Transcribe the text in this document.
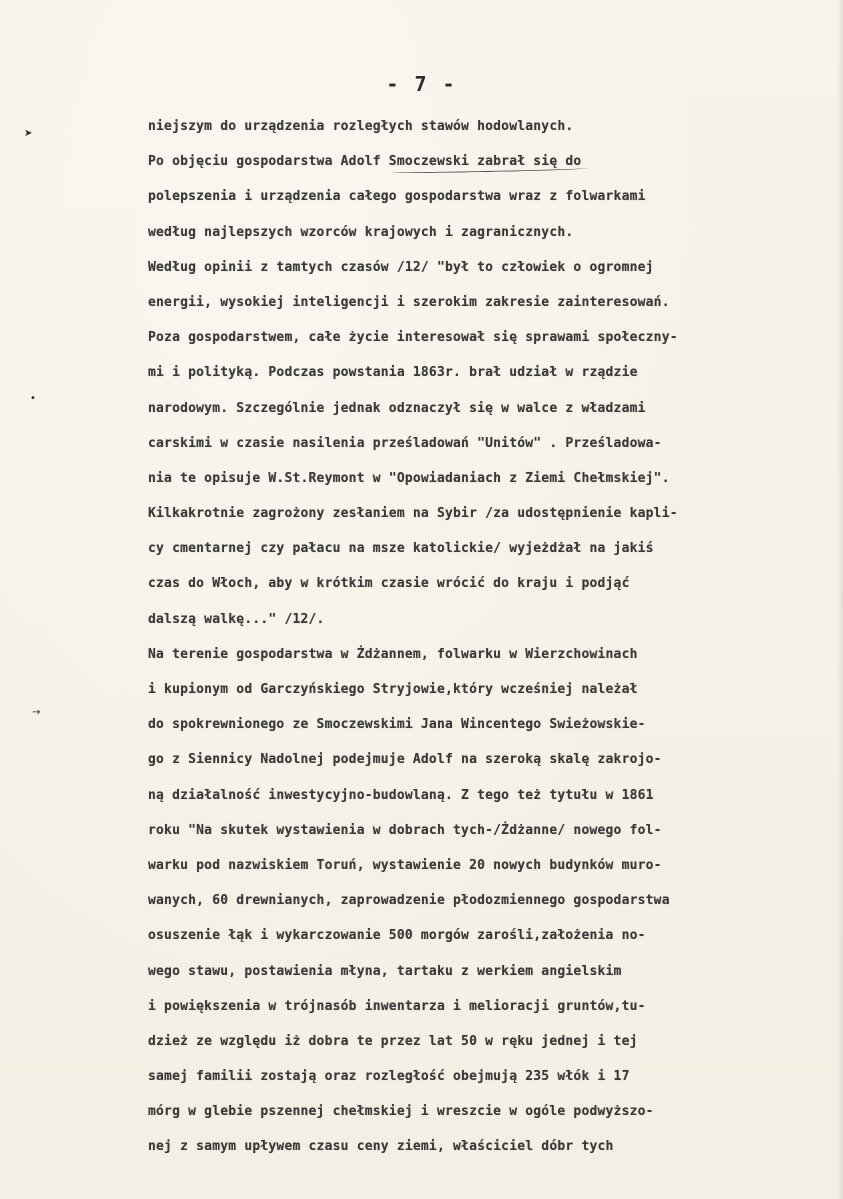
- 7 -
➤
•
→
niejszym do urządzenia rozległych stawów hodowlanych.
Po objęciu gospodarstwa Adolf Smoczewski zabrał się do
polepszenia i urządzenia całego gospodarstwa wraz z folwarkami
według najlepszych wzorców krajowych i zagranicznych.
Według opinii z tamtych czasów /12/ "był to człowiek o ogromnej
energii, wysokiej inteligencji i szerokim zakresie zainteresowań.
Poza gospodarstwem, całe życie interesował się sprawami społeczny-
mi i polityką. Podczas powstania 1863r. brał udział w rządzie
narodowym. Szczególnie jednak odznaczył się w walce z władzami
carskimi w czasie nasilenia prześladowań "Unitów" . Prześladowa-
nia te opisuje W.St.Reymont w "Opowiadaniach z Ziemi Chełmskiej".
Kilkakrotnie zagrożony zesłaniem na Sybir /za udostępnienie kapli-
cy cmentarnej czy pałacu na msze katolickie/ wyjeżdżał na jakiś
czas do Włoch, aby w krótkim czasie wrócić do kraju i podjąć
dalszą walkę..." /12/.
Na terenie gospodarstwa w Żdżannem, folwarku w Wierzchowinach
i kupionym od Garczyńskiego Stryjowie,który wcześniej należał
do spokrewnionego ze Smoczewskimi Jana Wincentego Swieżowskie-
go z Siennicy Nadolnej podejmuje Adolf na szeroką skalę zakrojo-
ną działalność inwestycyjno-budowlaną. Z tego też tytułu w 1861
roku "Na skutek wystawienia w dobrach tych-/Żdżanne/ nowego fol-
warku pod nazwiskiem Toruń, wystawienie 20 nowych budynków muro-
wanych, 60 drewnianych, zaprowadzenie płodozmiennego gospodarstwa
osuszenie łąk i wykarczowanie 500 morgów zarośli,założenia no-
wego stawu, postawienia młyna, tartaku z werkiem angielskim
i powiększenia w trójnasób inwentarza i melioracji gruntów,tu-
dzież ze względu iż dobra te przez lat 50 w ręku jednej i tej
samej familii zostają oraz rozległość obejmują 235 włók i 17
mórg w glebie pszennej chełmskiej i wreszcie w ogóle podwyższo-
nej z samym upływem czasu ceny ziemi, właściciel dóbr tych
